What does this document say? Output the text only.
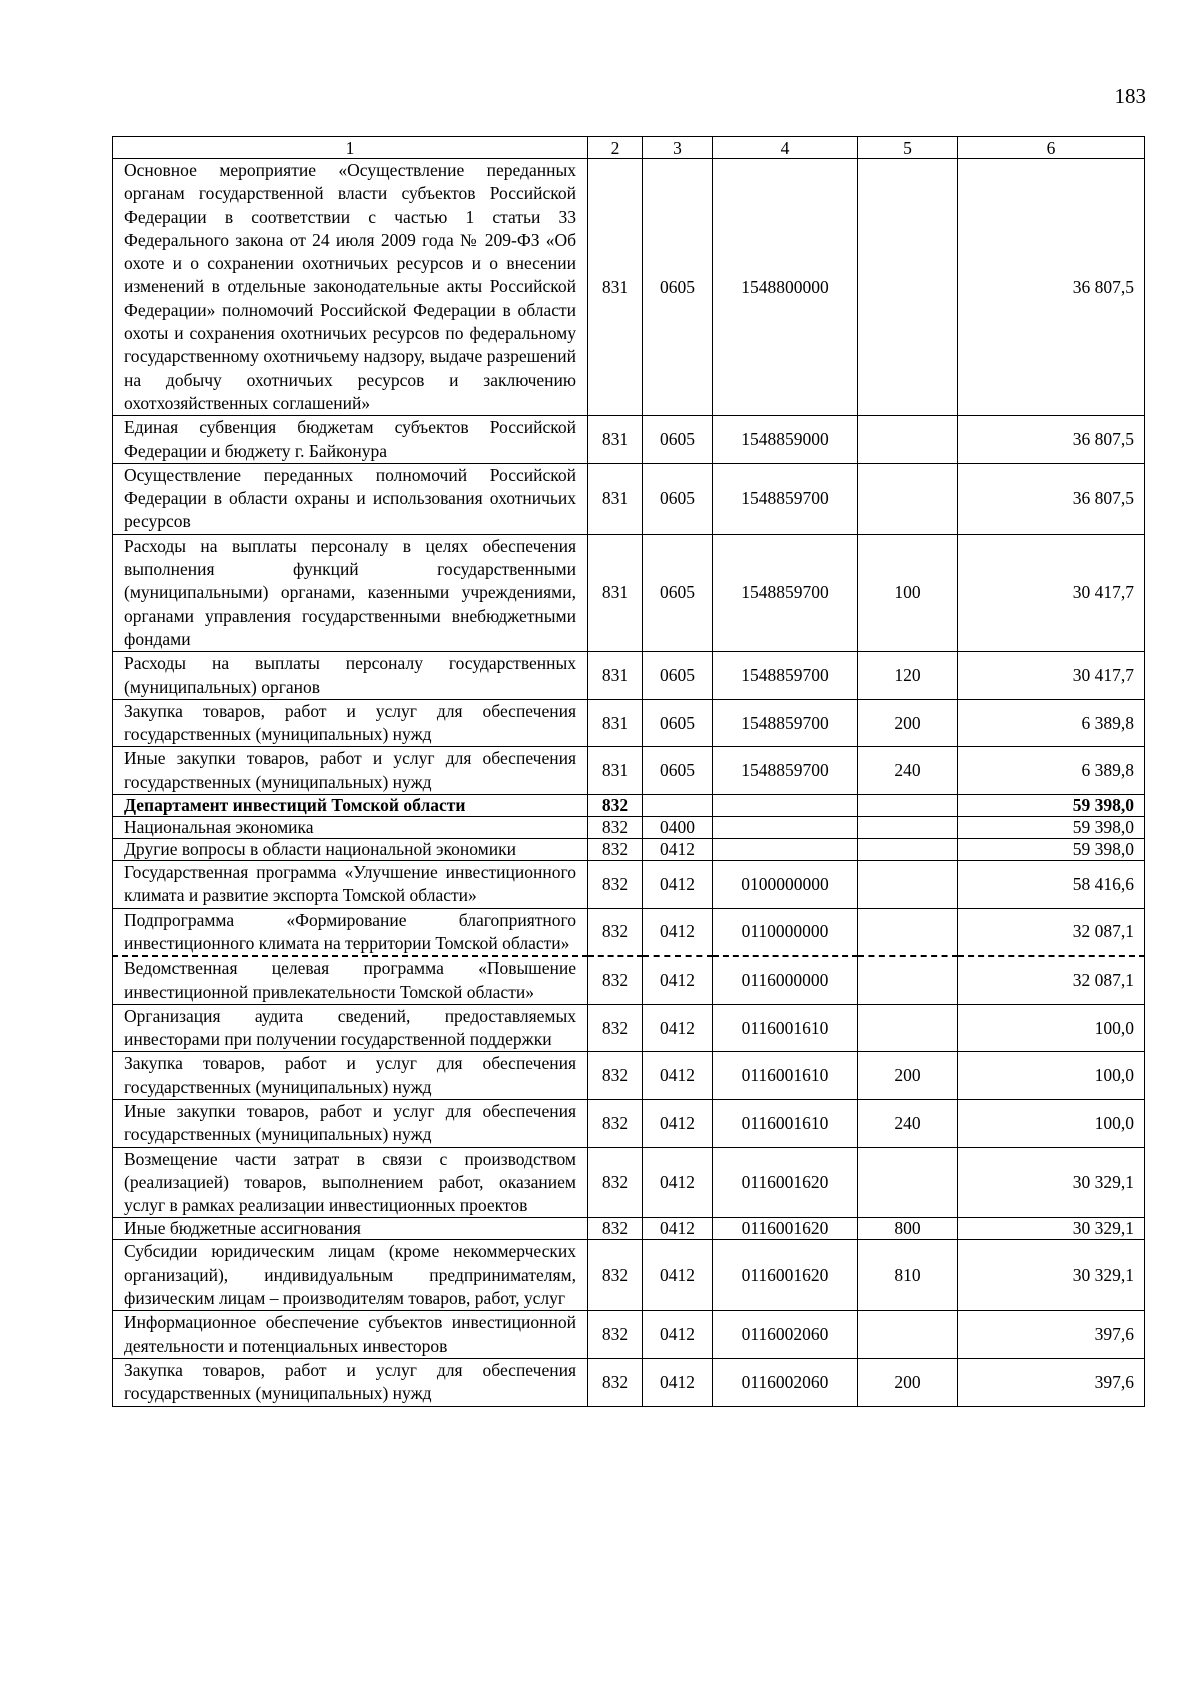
183
1	2	3	4	5	6
Основное мероприятие «Осуществление переданных органам государственной власти субъектов Российской Федерации в соответствии с частью 1 статьи 33 Федерального закона от 24 июля 2009 года № 209-ФЗ «Об охоте и о сохранении охотничьих ресурсов и о внесении изменений в отдельные законодательные акты Российской Федерации» полномочий Российской Федерации в области охоты и сохранения охотничьих ресурсов по федеральному государственному охотничьему надзору, выдаче разрешений на добычу охотничьих ресурсов и заключению охотхозяйственных соглашений»	831	0605	1548800000		36 807,5
Единая субвенция бюджетам субъектов Российской Федерации и бюджету г. Байконура	831	0605	1548859000		36 807,5
Осуществление переданных полномочий Российской Федерации в области охраны и использования охотничьих ресурсов	831	0605	1548859700		36 807,5
Расходы на выплаты персоналу в целях обеспечения выполнения функций государственными (муниципальными) органами, казенными учреждениями, органами управления государственными внебюджетными фондами	831	0605	1548859700	100	30 417,7
Расходы на выплаты персоналу государственных (муниципальных) органов	831	0605	1548859700	120	30 417,7
Закупка товаров, работ и услуг для обеспечения государственных (муниципальных) нужд	831	0605	1548859700	200	6 389,8
Иные закупки товаров, работ и услуг для обеспечения государственных (муниципальных) нужд	831	0605	1548859700	240	6 389,8
Департамент инвестиций Томской области	832				59 398,0
Национальная экономика	832	0400			59 398,0
Другие вопросы в области национальной экономики	832	0412			59 398,0
Государственная программа «Улучшение инвестиционного климата и развитие экспорта Томской области»	832	0412	0100000000		58 416,6
Подпрограмма «Формирование благоприятного инвестиционного климата на территории Томской области»	832	0412	0110000000		32 087,1
Ведомственная целевая программа «Повышение инвестиционной привлекательности Томской области»	832	0412	0116000000		32 087,1
Организация аудита сведений, предоставляемых инвесторами при получении государственной поддержки	832	0412	0116001610		100,0
Закупка товаров, работ и услуг для обеспечения государственных (муниципальных) нужд	832	0412	0116001610	200	100,0
Иные закупки товаров, работ и услуг для обеспечения государственных (муниципальных) нужд	832	0412	0116001610	240	100,0
Возмещение части затрат в связи с производством (реализацией) товаров, выполнением работ, оказанием услуг в рамках реализации инвестиционных проектов	832	0412	0116001620		30 329,1
Иные бюджетные ассигнования	832	0412	0116001620	800	30 329,1
Субсидии юридическим лицам (кроме некоммерческих организаций), индивидуальным предпринимателям, физическим лицам – производителям товаров, работ, услуг	832	0412	0116001620	810	30 329,1
Информационное обеспечение субъектов инвестиционной деятельности и потенциальных инвесторов	832	0412	0116002060		397,6
Закупка товаров, работ и услуг для обеспечения государственных (муниципальных) нужд	832	0412	0116002060	200	397,6
